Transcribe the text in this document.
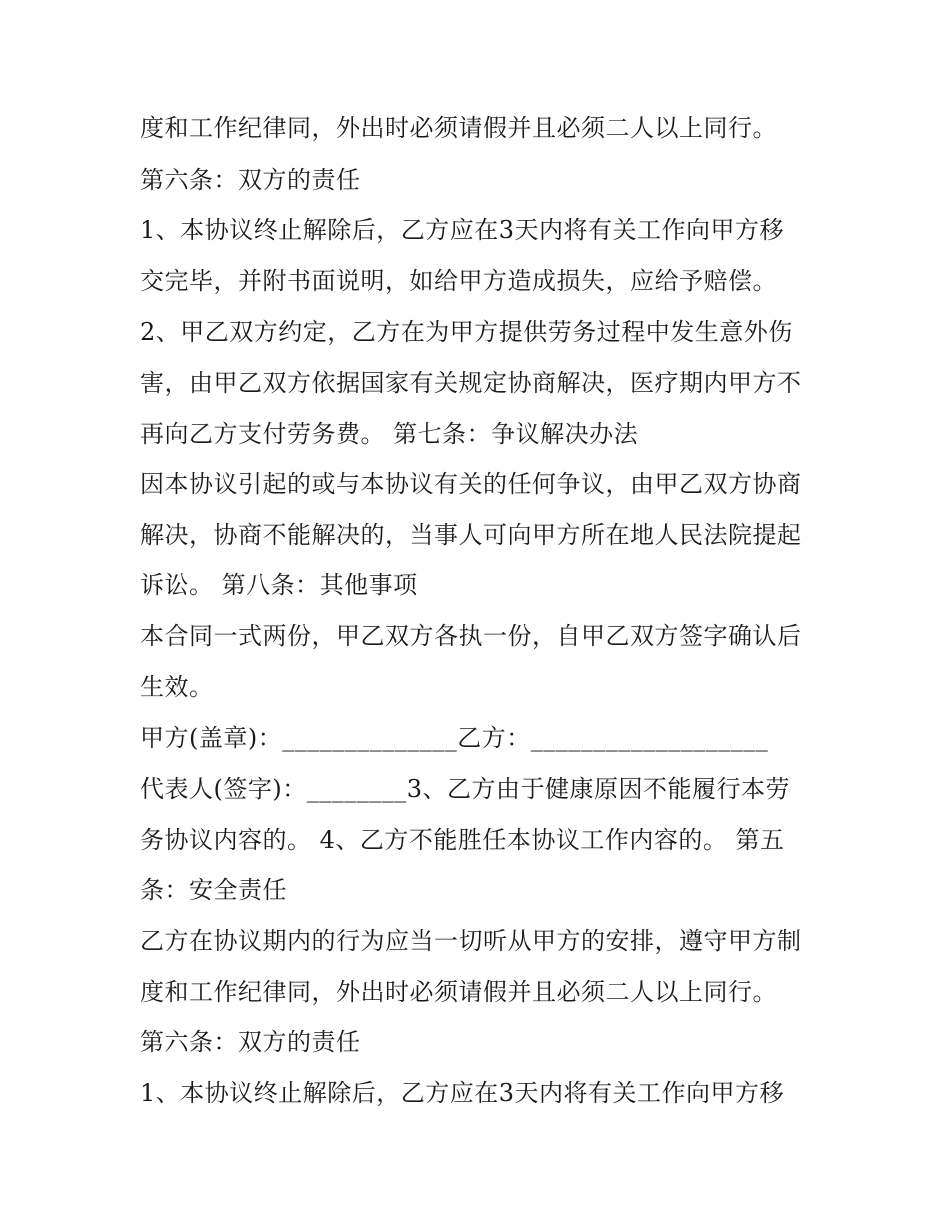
度和工作纪律同，外出时必须请假并且必须二人以上同行。
第六条：双方的责任
1、本协议终止解除后，乙方应在3天内将有关工作向甲方移
交完毕，并附书面说明，如给甲方造成损失，应给予赔偿。
2、甲乙双方约定，乙方在为甲方提供劳务过程中发生意外伤
害，由甲乙双方依据国家有关规定协商解决，医疗期内甲方不
再向乙方支付劳务费。 第七条：争议解决办法
因本协议引起的或与本协议有关的任何争议，由甲乙双方协商
解决，协商不能解决的，当事人可向甲方所在地人民法院提起
诉讼。 第八条：其他事项
本合同一式两份，甲乙双方各执一份，自甲乙双方签字确认后
生效。
甲方(盖章)：______________乙方：___________________
代表人(签字)：________3、乙方由于健康原因不能履行本劳
务协议内容的。 4、乙方不能胜任本协议工作内容的。 第五
条：安全责任
乙方在协议期内的行为应当一切听从甲方的安排，遵守甲方制
度和工作纪律同，外出时必须请假并且必须二人以上同行。
第六条：双方的责任
1、本协议终止解除后，乙方应在3天内将有关工作向甲方移
